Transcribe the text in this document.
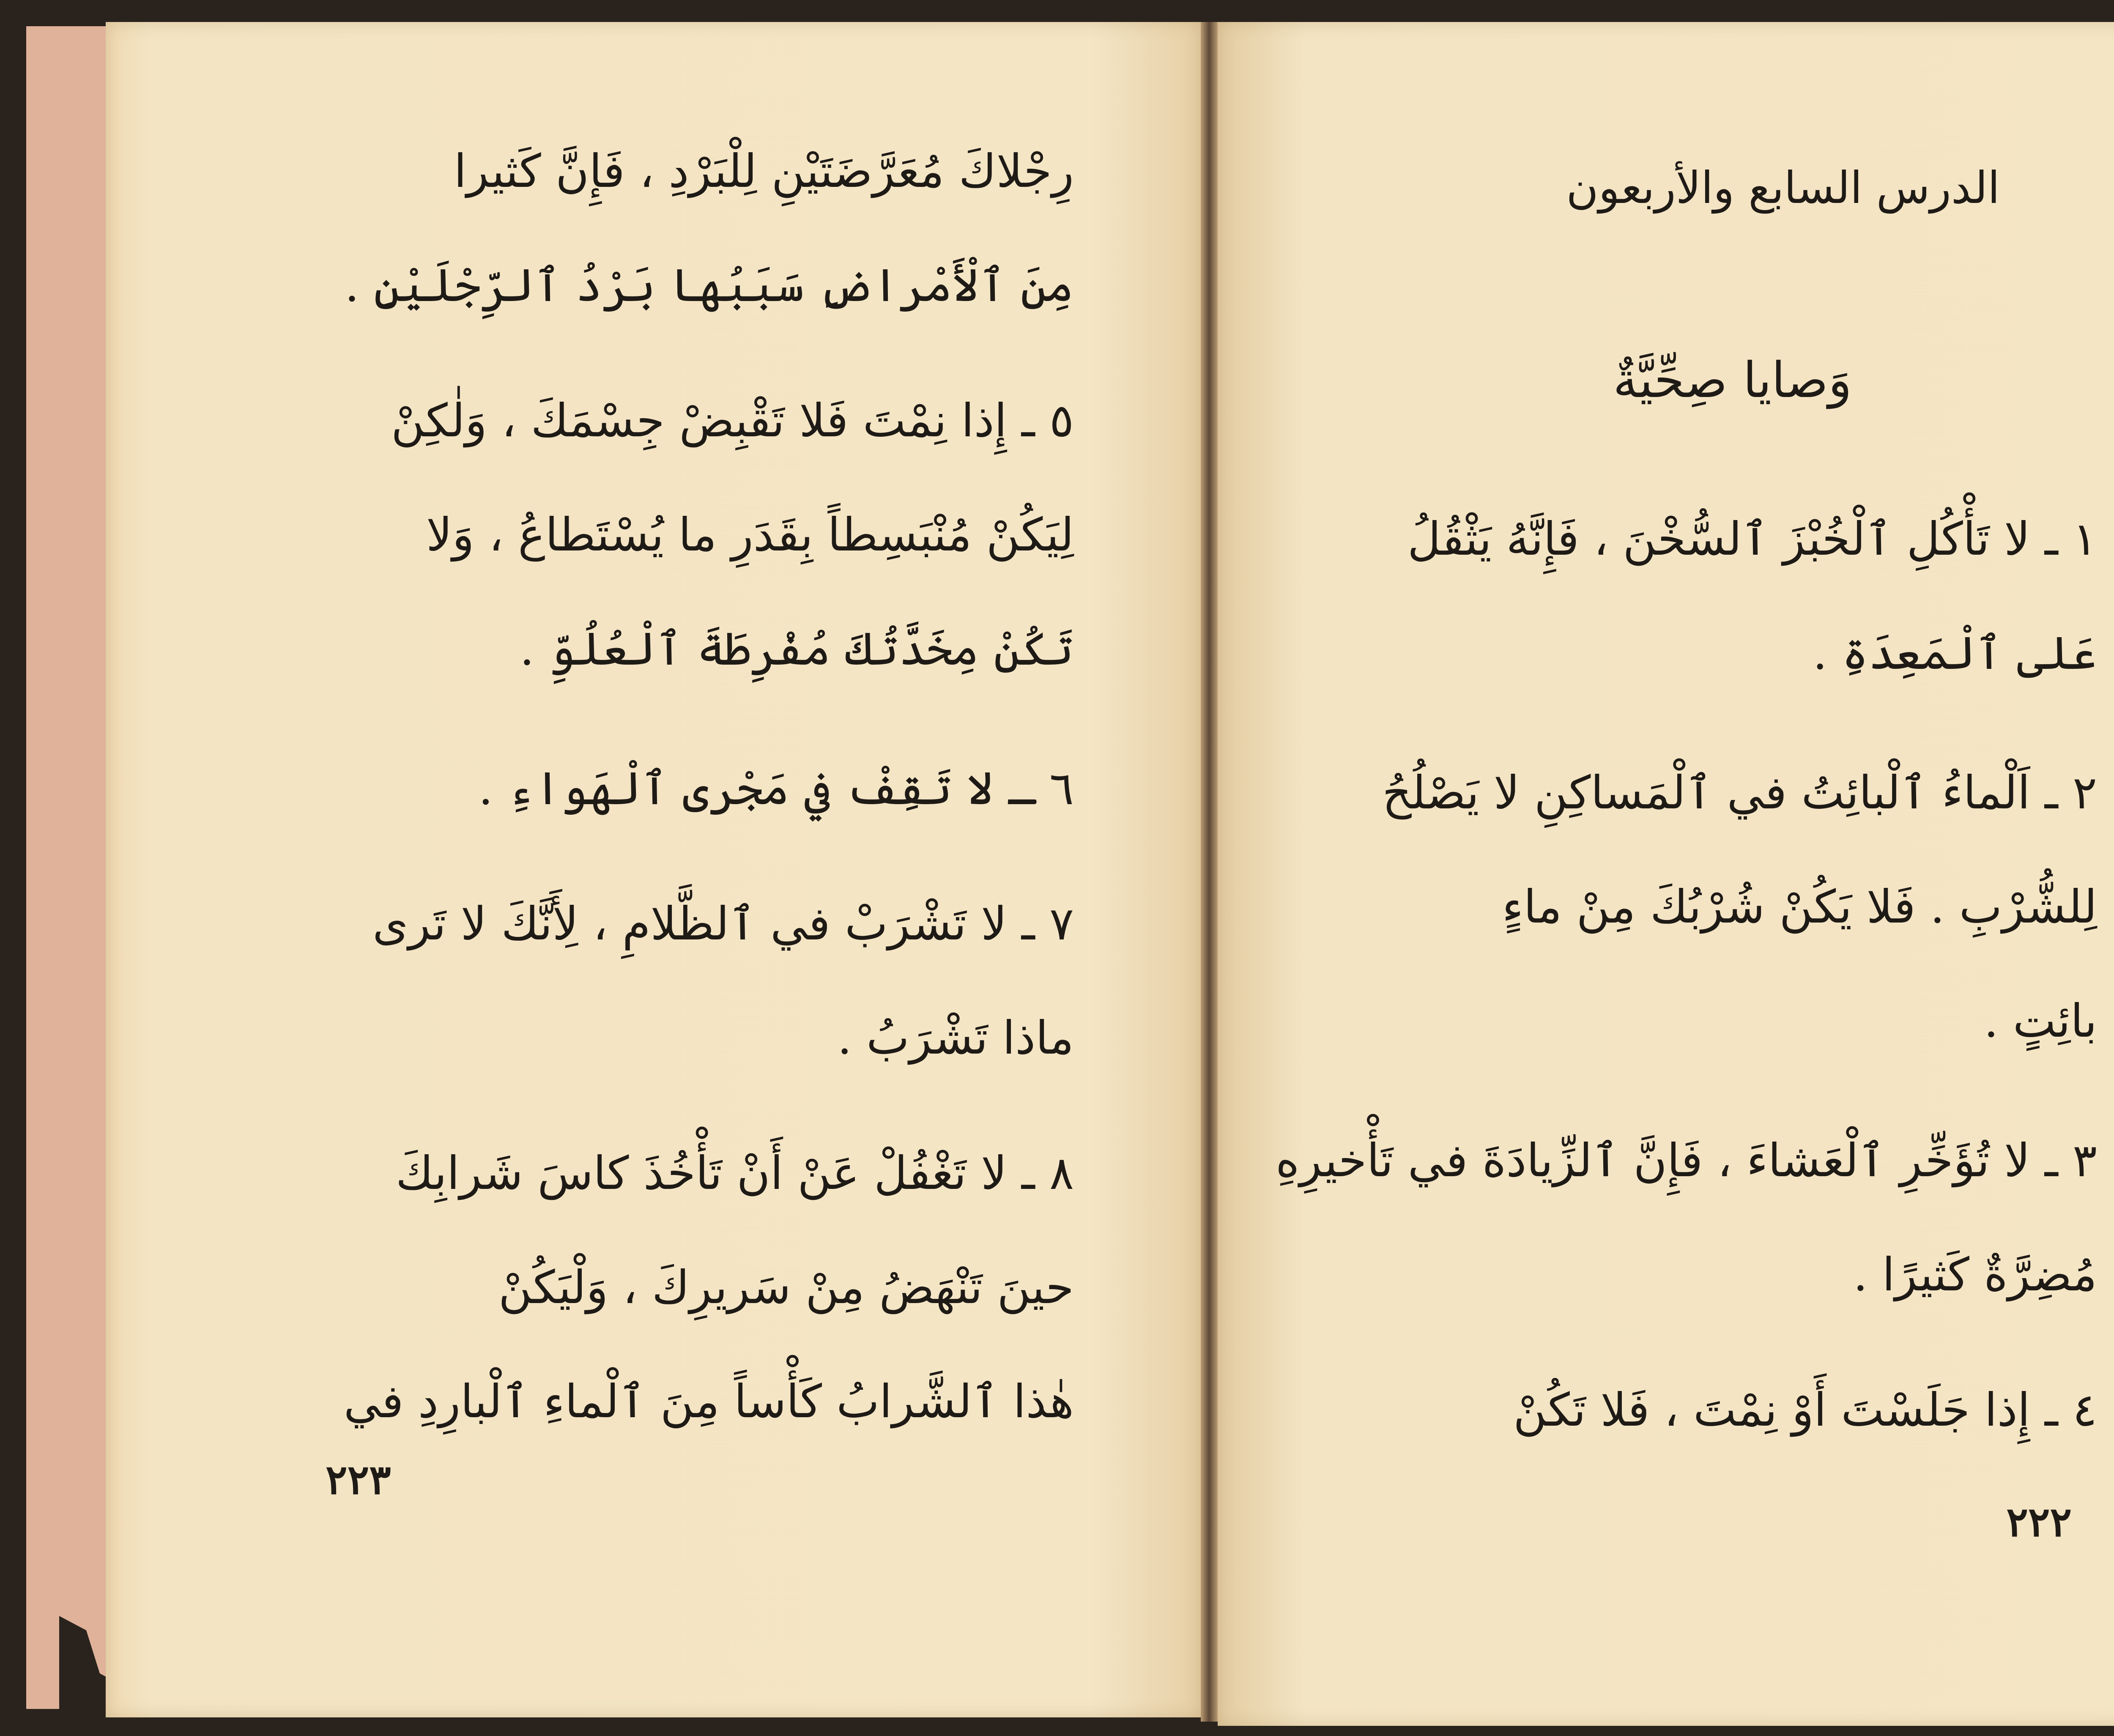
رِجْلاكَ مُعَرَّضَتَيْنِ لِلْبَرْدِ ، فَإِنَّ كَثيرا
مِنَ ٱلْأَمْراضِ سَبَبُها بَرْدُ ٱلرِّجْلَيْنِ .
٥ ـ إِذا نِمْتَ فَلا تَقْبِضْ جِسْمَكَ ، وَلٰكِنْ
لِيَكُنْ مُنْبَسِطاً بِقَدَرِ ما يُسْتَطاعُ ، وَلا
تَكُنْ مِخَدَّتُكَ مُفْرِطَةَ ٱلْعُلُوِّ .
٦ ـ لا تَقِفْ في مَجْرى ٱلْهَواءِ .
٧ ـ لا تَشْرَبْ في ٱلظَّلامِ ، لِأَنَّكَ لا تَرى
ماذا تَشْرَبُ .
٨ ـ لا تَغْفُلْ عَنْ أَنْ تَأْخُذَ كاسَ شَرابِكَ
حينَ تَنْهَضُ مِنْ سَريرِكَ ، وَلْيَكُنْ
هٰذا ٱلشَّرابُ كَأْساً مِنَ ٱلْماءِ ٱلْبارِدِ في
٢٢٣
الدرس السابع والأربعون
وَصايا صِحِّيَّةٌ
١ ـ لا تَأْكُلِ ٱلْخُبْزَ ٱلسُّخْنَ ، فَإِنَّهُ يَثْقُلُ
عَلى ٱلْمَعِدَةِ .
٢ ـ اَلْماءُ ٱلْبائِتُ في ٱلْمَساكِنِ لا يَصْلُحُ
لِلشُّرْبِ . فَلا يَكُنْ شُرْبُكَ مِنْ ماءٍ
بائِتٍ .
٣ ـ لا تُؤَخِّرِ ٱلْعَشاءَ ، فَإِنَّ ٱلزِّيادَةَ في تَأْخيرِهِ
مُضِرَّةٌ كَثيرًا .
٤ ـ إِذا جَلَسْتَ أَوْ نِمْتَ ، فَلا تَكُنْ
٢٢٢
